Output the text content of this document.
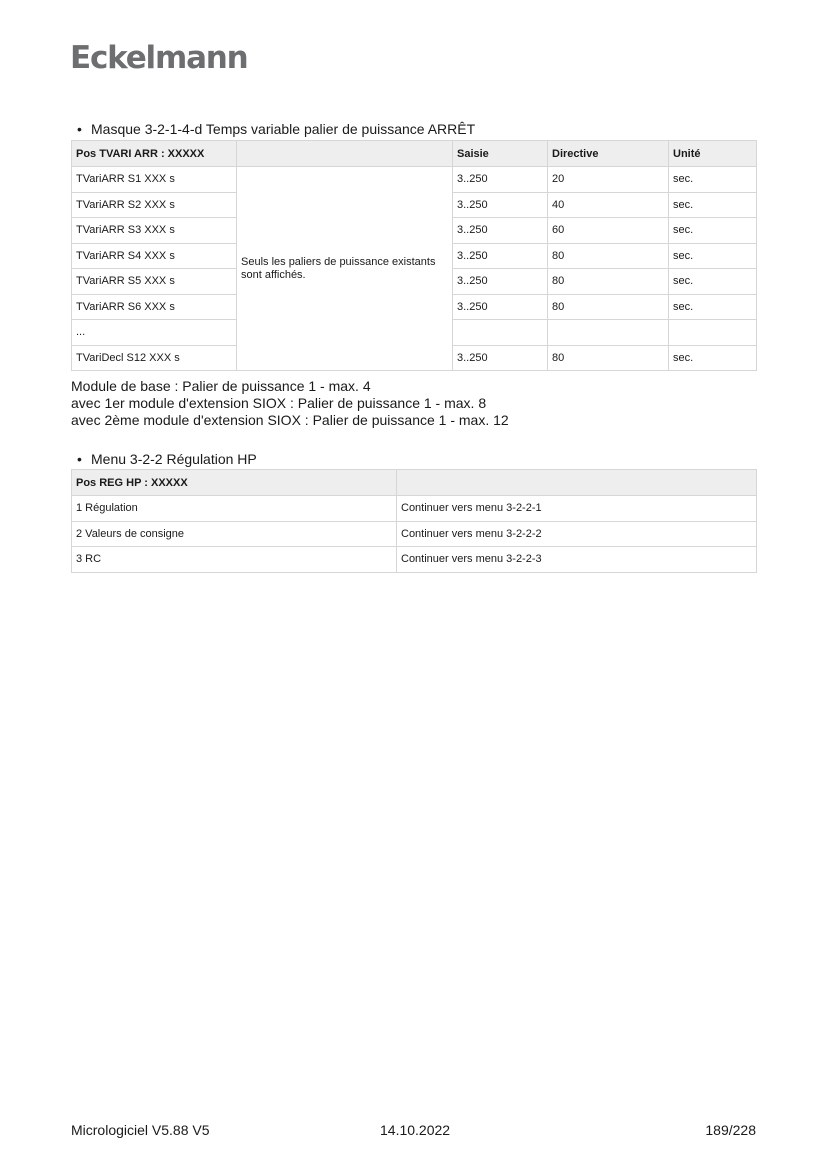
Eckelmann
• Masque 3-2-1-4-d Temps variable palier de puissance ARRÊT
Pos TVARI ARR : XXXXX		Saisie	Directive	Unité
TVariARR S1 XXX s	Seuls les paliers de puissance existants sont affichés.	3..250	20	sec.
TVariARR S2 XXX s		3..250	40	sec.
TVariARR S3 XXX s		3..250	60	sec.
TVariARR S4 XXX s		3..250	80	sec.
TVariARR S5 XXX s		3..250	80	sec.
TVariARR S6 XXX s		3..250	80	sec.
...				
TVariDecl S12 XXX s		3..250	80	sec.
Module de base : Palier de puissance 1 - max. 4
avec 1er module d'extension SIOX : Palier de puissance 1 - max. 8
avec 2ème module d'extension SIOX : Palier de puissance 1 - max. 12
• Menu 3-2-2 Régulation HP
Pos REG HP : XXXXX	
1 Régulation	Continuer vers menu 3-2-2-1
2 Valeurs de consigne	Continuer vers menu 3-2-2-2
3 RC	Continuer vers menu 3-2-2-3
Micrologiciel V5.88 V5	14.10.2022	189/228
